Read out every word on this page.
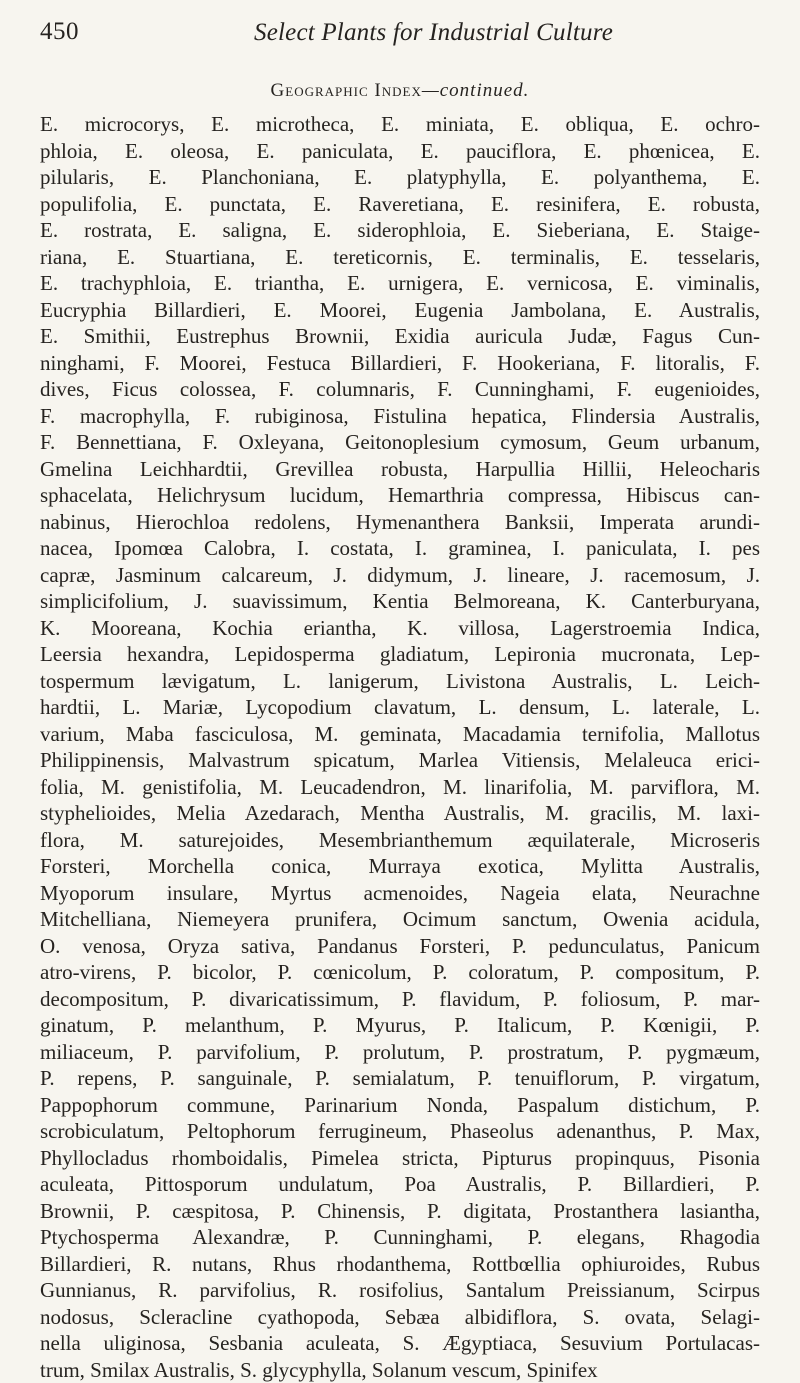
450	Select Plants for Industrial Culture
Geographic Index—continued.
E. microcorys, E. microtheca, E. miniata, E. obliqua, E. ochro-
phloia, E. oleosa, E. paniculata, E. pauciflora, E. phœnicea, E.
pilularis, E. Planchoniana, E. platyphylla, E. polyanthema, E.
populifolia, E. punctata, E. Raveretiana, E. resinifera, E. robusta,
E. rostrata, E. saligna, E. siderophloia, E. Sieberiana, E. Staige-
riana, E. Stuartiana, E. tereticornis, E. terminalis, E. tesselaris,
E. trachyphloia, E. triantha, E. urnigera, E. vernicosa, E. viminalis,
Eucryphia Billardieri, E. Moorei, Eugenia Jambolana, E. Australis,
E. Smithii, Eustrephus Brownii, Exidia auricula Judæ, Fagus Cun-
ninghami, F. Moorei, Festuca Billardieri, F. Hookeriana, F. litoralis, F.
dives, Ficus colossea, F. columnaris, F. Cunninghami, F. eugenioides,
F. macrophylla, F. rubiginosa, Fistulina hepatica, Flindersia Australis,
F. Bennettiana, F. Oxleyana, Geitonoplesium cymosum, Geum urbanum,
Gmelina Leichhardtii, Grevillea robusta, Harpullia Hillii, Heleocharis
sphacelata, Helichrysum lucidum, Hemarthria compressa, Hibiscus can-
nabinus, Hierochloa redolens, Hymenanthera Banksii, Imperata arundi-
nacea, Ipomœa Calobra, I. costata, I. graminea, I. paniculata, I. pes
capræ, Jasminum calcareum, J. didymum, J. lineare, J. racemosum, J.
simplicifolium, J. suavissimum, Kentia Belmoreana, K. Canterburyana,
K. Mooreana, Kochia eriantha, K. villosa, Lagerstroemia Indica,
Leersia hexandra, Lepidosperma gladiatum, Lepironia mucronata, Lep-
tospermum lævigatum, L. lanigerum, Livistona Australis, L. Leich-
hardtii, L. Mariæ, Lycopodium clavatum, L. densum, L. laterale, L.
varium, Maba fasciculosa, M. geminata, Macadamia ternifolia, Mallotus
Philippinensis, Malvastrum spicatum, Marlea Vitiensis, Melaleuca erici-
folia, M. genistifolia, M. Leucadendron, M. linarifolia, M. parviflora, M.
styphelioides, Melia Azedarach, Mentha Australis, M. gracilis, M. laxi-
flora, M. saturejoides, Mesembrianthemum æquilaterale, Microseris
Forsteri, Morchella conica, Murraya exotica, Mylitta Australis,
Myoporum insulare, Myrtus acmenoides, Nageia elata, Neurachne
Mitchelliana, Niemeyera prunifera, Ocimum sanctum, Owenia acidula,
O. venosa, Oryza sativa, Pandanus Forsteri, P. pedunculatus, Panicum
atro-virens, P. bicolor, P. cœnicolum, P. coloratum, P. compositum, P.
decompositum, P. divaricatissimum, P. flavidum, P. foliosum, P. mar-
ginatum, P. melanthum, P. Myurus, P. Italicum, P. Kœnigii, P.
miliaceum, P. parvifolium, P. prolutum, P. prostratum, P. pygmæum,
P. repens, P. sanguinale, P. semialatum, P. tenuiflorum, P. virgatum,
Pappophorum commune, Parinarium Nonda, Paspalum distichum, P.
scrobiculatum, Peltophorum ferrugineum, Phaseolus adenanthus, P. Max,
Phyllocladus rhomboidalis, Pimelea stricta, Pipturus propinquus, Pisonia
aculeata, Pittosporum undulatum, Poa Australis, P. Billardieri, P.
Brownii, P. cæspitosa, P. Chinensis, P. digitata, Prostanthera lasiantha,
Ptychosperma Alexandræ, P. Cunninghami, P. elegans, Rhagodia
Billardieri, R. nutans, Rhus rhodanthema, Rottbœllia ophiuroides, Rubus
Gunnianus, R. parvifolius, R. rosifolius, Santalum Preissianum, Scirpus
nodosus, Scleracline cyathopoda, Sebæa albidiflora, S. ovata, Selagi-
nella uliginosa, Sesbania aculeata, S. Ægyptiaca, Sesuvium Portulacas-
trum, Smilax Australis, S. glycyphylla, Solanum vescum, Spinifex
